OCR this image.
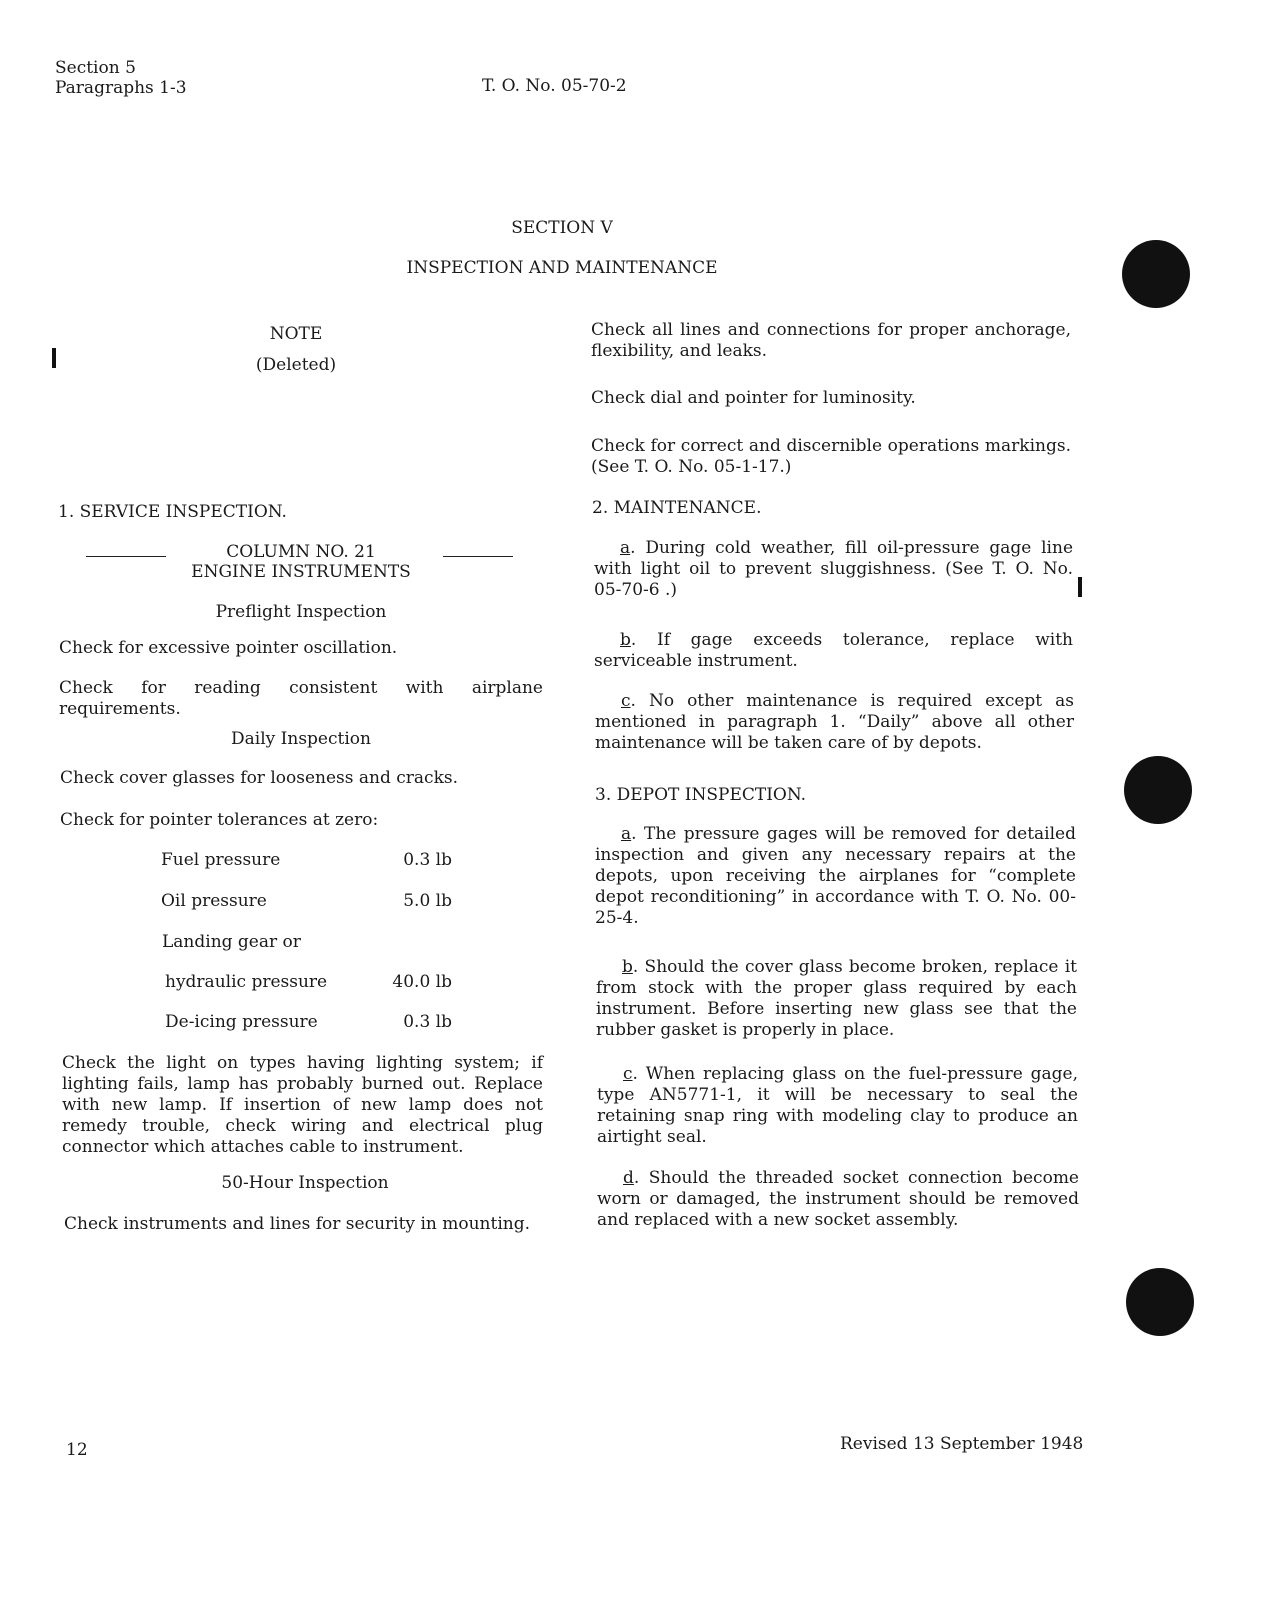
Section 5
Paragraphs 1-3	T. O. No. 05-70-2
SECTION V
INSPECTION AND MAINTENANCE
NOTE
(Deleted)
1. SERVICE INSPECTION.
COLUMN NO. 21
ENGINE INSTRUMENTS
Preflight Inspection
Check for excessive pointer oscillation.
Check for reading consistent with airplane requirements.
Daily Inspection
Check cover glasses for looseness and cracks.
Check for pointer tolerances at zero:
Fuel pressure	0.3 lb
Oil pressure	5.0 lb
Landing gear or
hydraulic pressure	40.0 lb
De-icing pressure	0.3 lb
Check the light on types having lighting system; if lighting fails, lamp has probably burned out. Replace with new lamp. If insertion of new lamp does not remedy trouble, check wiring and electrical plug connector which attaches cable to instrument.
50-Hour Inspection
Check instruments and lines for security in mounting.
Check all lines and connections for proper anchorage, flexibility, and leaks.
Check dial and pointer for luminosity.
Check for correct and discernible operations markings. (See T. O. No. 05-1-17.)
2. MAINTENANCE.
a. During cold weather, fill oil-pressure gage line with light oil to prevent sluggishness. (See T. O. No. 05-70-6 .)
b. If gage exceeds tolerance, replace with serviceable instrument.
c. No other maintenance is required except as mentioned in paragraph 1. “Daily” above all other maintenance will be taken care of by depots.
3. DEPOT INSPECTION.
a. The pressure gages will be removed for detailed inspection and given any necessary repairs at the depots, upon receiving the airplanes for “complete depot reconditioning” in accordance with T. O. No. 00-25-4.
b. Should the cover glass become broken, replace it from stock with the proper glass required by each instrument. Before inserting new glass see that the rubber gasket is properly in place.
c. When replacing glass on the fuel-pressure gage, type AN5771-1, it will be necessary to seal the retaining snap ring with modeling clay to produce an airtight seal.
d. Should the threaded socket connection become worn or damaged, the instrument should be removed and replaced with a new socket assembly.
12	Revised 13 September 1948
